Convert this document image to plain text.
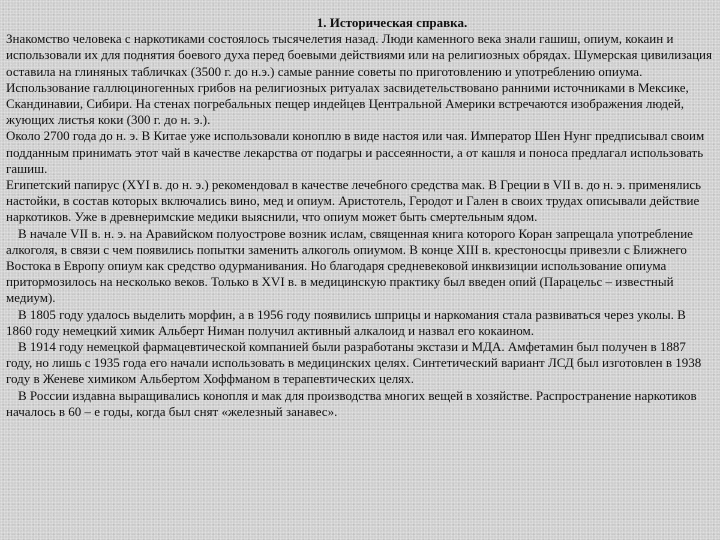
1. Историческая справка.

Знакомство человека с наркотиками состоялось тысячелетия назад. Люди каменного века знали гашиш, опиум, кокаин и использовали их для поднятия боевого духа перед боевыми действиями или на религиозных обрядах. Шумерская цивилизация оставила на глиняных табличках (3500 г. до н.э.) самые ранние советы по приготовлению и употреблению опиума. Использование галлюциногенных грибов на религиозных ритуалах засвидетельствовано ранними источниками в Мексике, Скандинавии, Сибири. На стенах погребальных пещер индейцев Центральной Америки встречаются изображения людей, жующих листья коки (300 г. до н. э.).

Около 2700 года до н. э. В Китае уже использовали коноплю в виде настоя или чая. Император Шен Нунг предписывал своим подданным принимать этот чай в качестве лекарства от подагры и рассеянности, а от кашля и поноса предлагал использовать гашиш.

Египетский папирус (XYI в. до н. э.) рекомендовал в качестве лечебного средства мак. В Греции в VII в. до н. э. применялись настойки, в состав которых включались вино, мед и опиум. Аристотель, Геродот и Гален в своих трудах описывали действие наркотиков. Уже в древнеримские медики выяснили, что опиум может быть смертельным ядом.

В начале VII в. н. э. на Аравийском полуострове возник ислам, священная книга которого Коран запрещала употребление алкоголя, в связи с чем появились попытки заменить алкоголь опиумом. В конце XIII в. крестоносцы привезли с Ближнего Востока в Европу опиум как средство одурманивания. Но благодаря средневековой инквизиции использование опиума притормозилось на несколько веков. Только в XVI в. в медицинскую практику был введен опий (Парацельс – известный медиум).

В 1805 году удалось выделить морфин, а в 1956 году появились шприцы и наркомания стала развиваться через уколы. В 1860 году немецкий химик Альберт Ниман получил активный алкалоид и назвал его кокаином.

В 1914 году немецкой фармацевтической компанией были разработаны экстази и МДА. Амфетамин был получен в 1887 году, но лишь с 1935 года его начали использовать в медицинских целях. Синтетический вариант ЛСД был изготовлен в 1938 году в Женеве химиком Альбертом Хоффманом в терапевтических целях.

В России издавна выращивались конопля и мак для производства многих вещей в хозяйстве. Распространение наркотиков началось в 60 – е годы, когда был снят «железный занавес».
